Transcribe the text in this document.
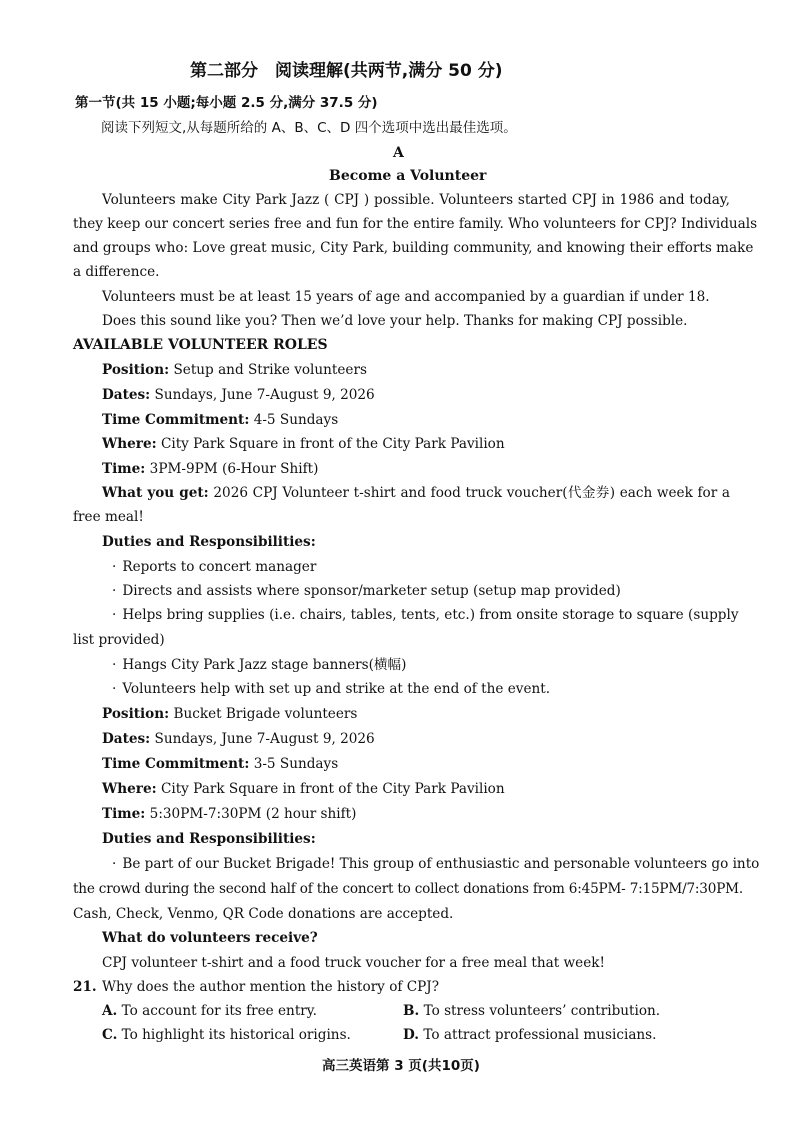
第二部分　阅读理解(共两节,满分 50 分)
第一节(共 15 小题;每小题 2.5 分,满分 37.5 分)
阅读下列短文,从每题所给的 A、B、C、D 四个选项中选出最佳选项。
A
Become a Volunteer
Volunteers make City Park Jazz ( CPJ ) possible. Volunteers started CPJ in 1986 and today,
they keep our concert series free and fun for the entire family. Who volunteers for CPJ? Individuals
and groups who: Love great music, City Park, building community, and knowing their efforts make
a difference.
Volunteers must be at least 15 years of age and accompanied by a guardian if under 18.
Does this sound like you? Then we’d love your help. Thanks for making CPJ possible.
AVAILABLE VOLUNTEER ROLES
Position: Setup and Strike volunteers
Dates: Sundays, June 7-August 9, 2026
Time Commitment: 4-5 Sundays
Where: City Park Square in front of the City Park Pavilion
Time: 3PM-9PM (6-Hour Shift)
What you get: 2026 CPJ Volunteer t-shirt and food truck voucher(代金券) each week for a
free meal!
Duties and Responsibilities:
· Reports to concert manager
· Directs and assists where sponsor/marketer setup (setup map provided)
· Helps bring supplies (i.e. chairs, tables, tents, etc.) from onsite storage to square (supply
list provided)
· Hangs City Park Jazz stage banners(横幅)
· Volunteers help with set up and strike at the end of the event.
Position: Bucket Brigade volunteers
Dates: Sundays, June 7-August 9, 2026
Time Commitment: 3-5 Sundays
Where: City Park Square in front of the City Park Pavilion
Time: 5:30PM-7:30PM (2 hour shift)
Duties and Responsibilities:
· Be part of our Bucket Brigade! This group of enthusiastic and personable volunteers go into
the crowd during the second half of the concert to collect donations from 6:45PM- 7:15PM/7:30PM.
Cash, Check, Venmo, QR Code donations are accepted.
What do volunteers receive?
CPJ volunteer t-shirt and a food truck voucher for a free meal that week!
21. Why does the author mention the history of CPJ?
A. To account for its free entry.	B. To stress volunteers’ contribution.
C. To highlight its historical origins.	D. To attract professional musicians.
高三英语第 3 页(共10页)
